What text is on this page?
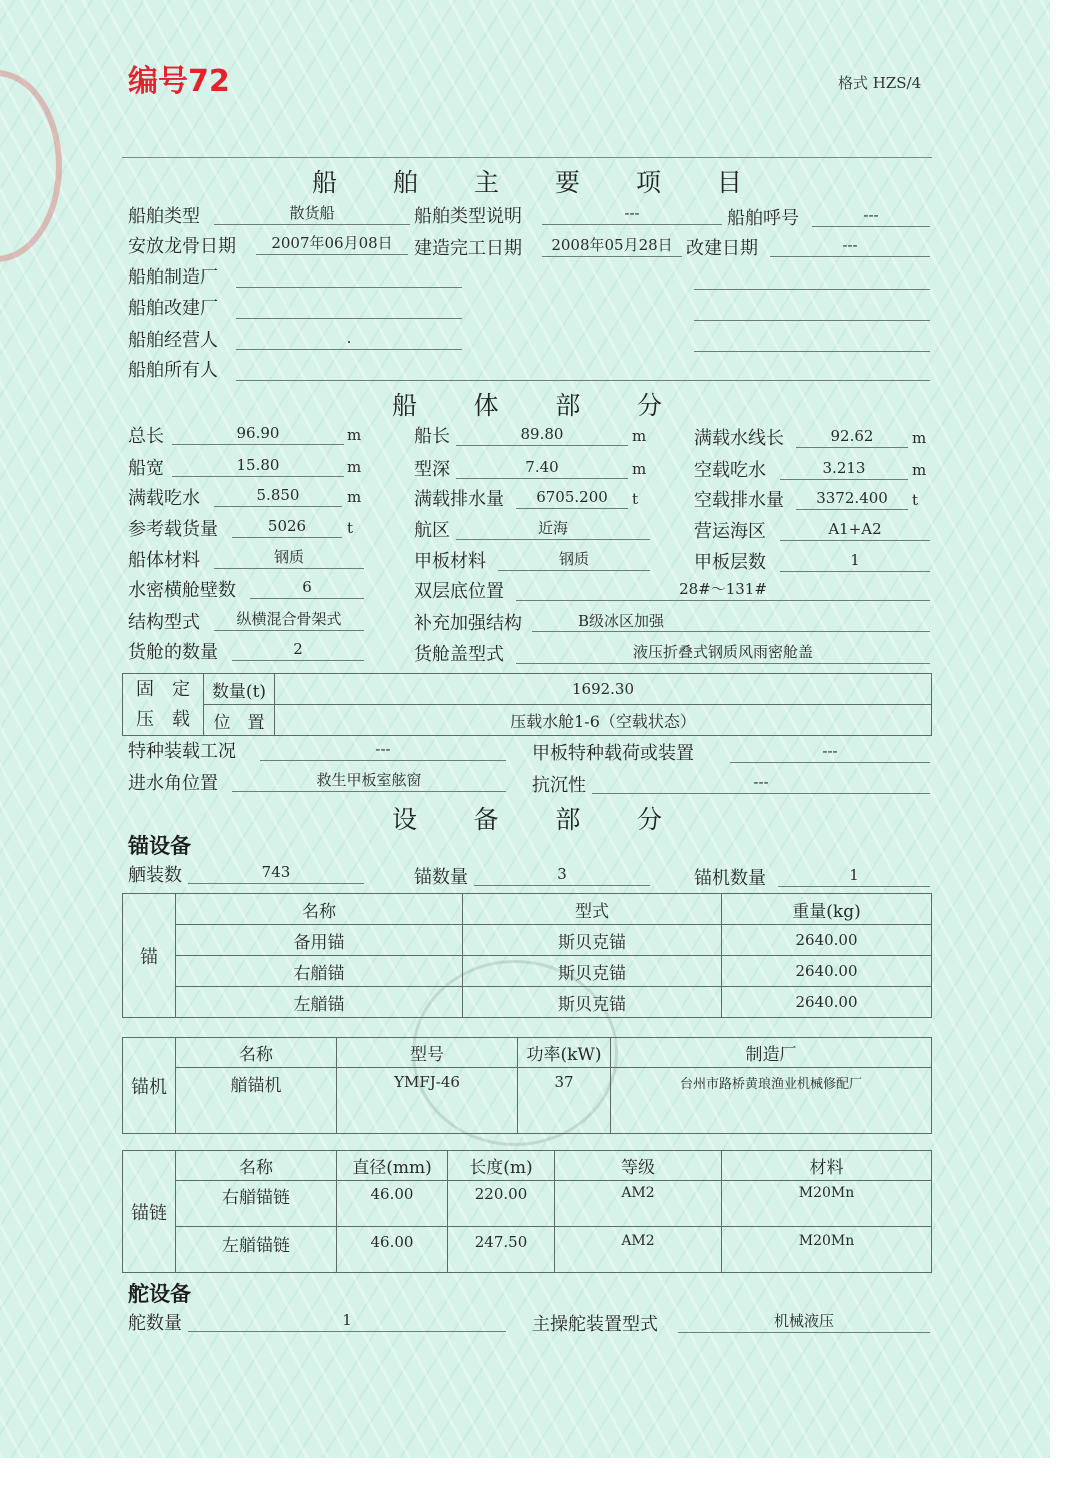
编号72	格式 HZS/4
船 舶 主 要 项 目
船舶类型	散货船	船舶类型说明	---	船舶呼号	---
安放龙骨日期	2007年06月08日	建造完工日期	2008年05月28日 改建日期	---
船舶制造厂
船舶改建厂
船舶经营人	.
船舶所有人
船 体 部 分
总长	96.90	m	船长	89.80	m	满载水线长	92.62	m
船宽	15.80	m	型深	7.40	m	空载吃水	3.213	m
满载吃水	5.850	m	满载排水量	6705.200	t	空载排水量	3372.400	t
参考载货量	5026	t	航区	近海	营运海区	A1+A2
船体材料	钢质	甲板材料	钢质	甲板层数	1
水密横舱壁数	6	双层底位置	28#～131#
结构型式	纵横混合骨架式	补充加强结构	B级冰区加强
货舱的数量	2	货舱盖型式	液压折叠式钢质风雨密舱盖
固　定
压　载	数量(t)	1692.30
	位　置	压载水舱1-6（空载状态）
特种装载工况	---	甲板特种载荷或装置	---
进水角位置	救生甲板室舷窗	抗沉性	---
设 备 部 分
锚设备
舾装数	743	锚数量	3	锚机数量	1
锚	名称	型式	重量(kg)
	备用锚	斯贝克锚	2640.00
	右艏锚	斯贝克锚	2640.00
	左艏锚	斯贝克锚	2640.00
锚机	名称	型号	功率(kW)	制造厂
	艏锚机	YMFJ-46	37	台州市路桥黄琅渔业机械修配厂
锚链	名称	直径(mm)	长度(m)	等级	材料
	右艏锚链	46.00	220.00	AM2	M20Mn
	左艏锚链	46.00	247.50	AM2	M20Mn
舵设备
舵数量	1	主操舵装置型式	机械液压
